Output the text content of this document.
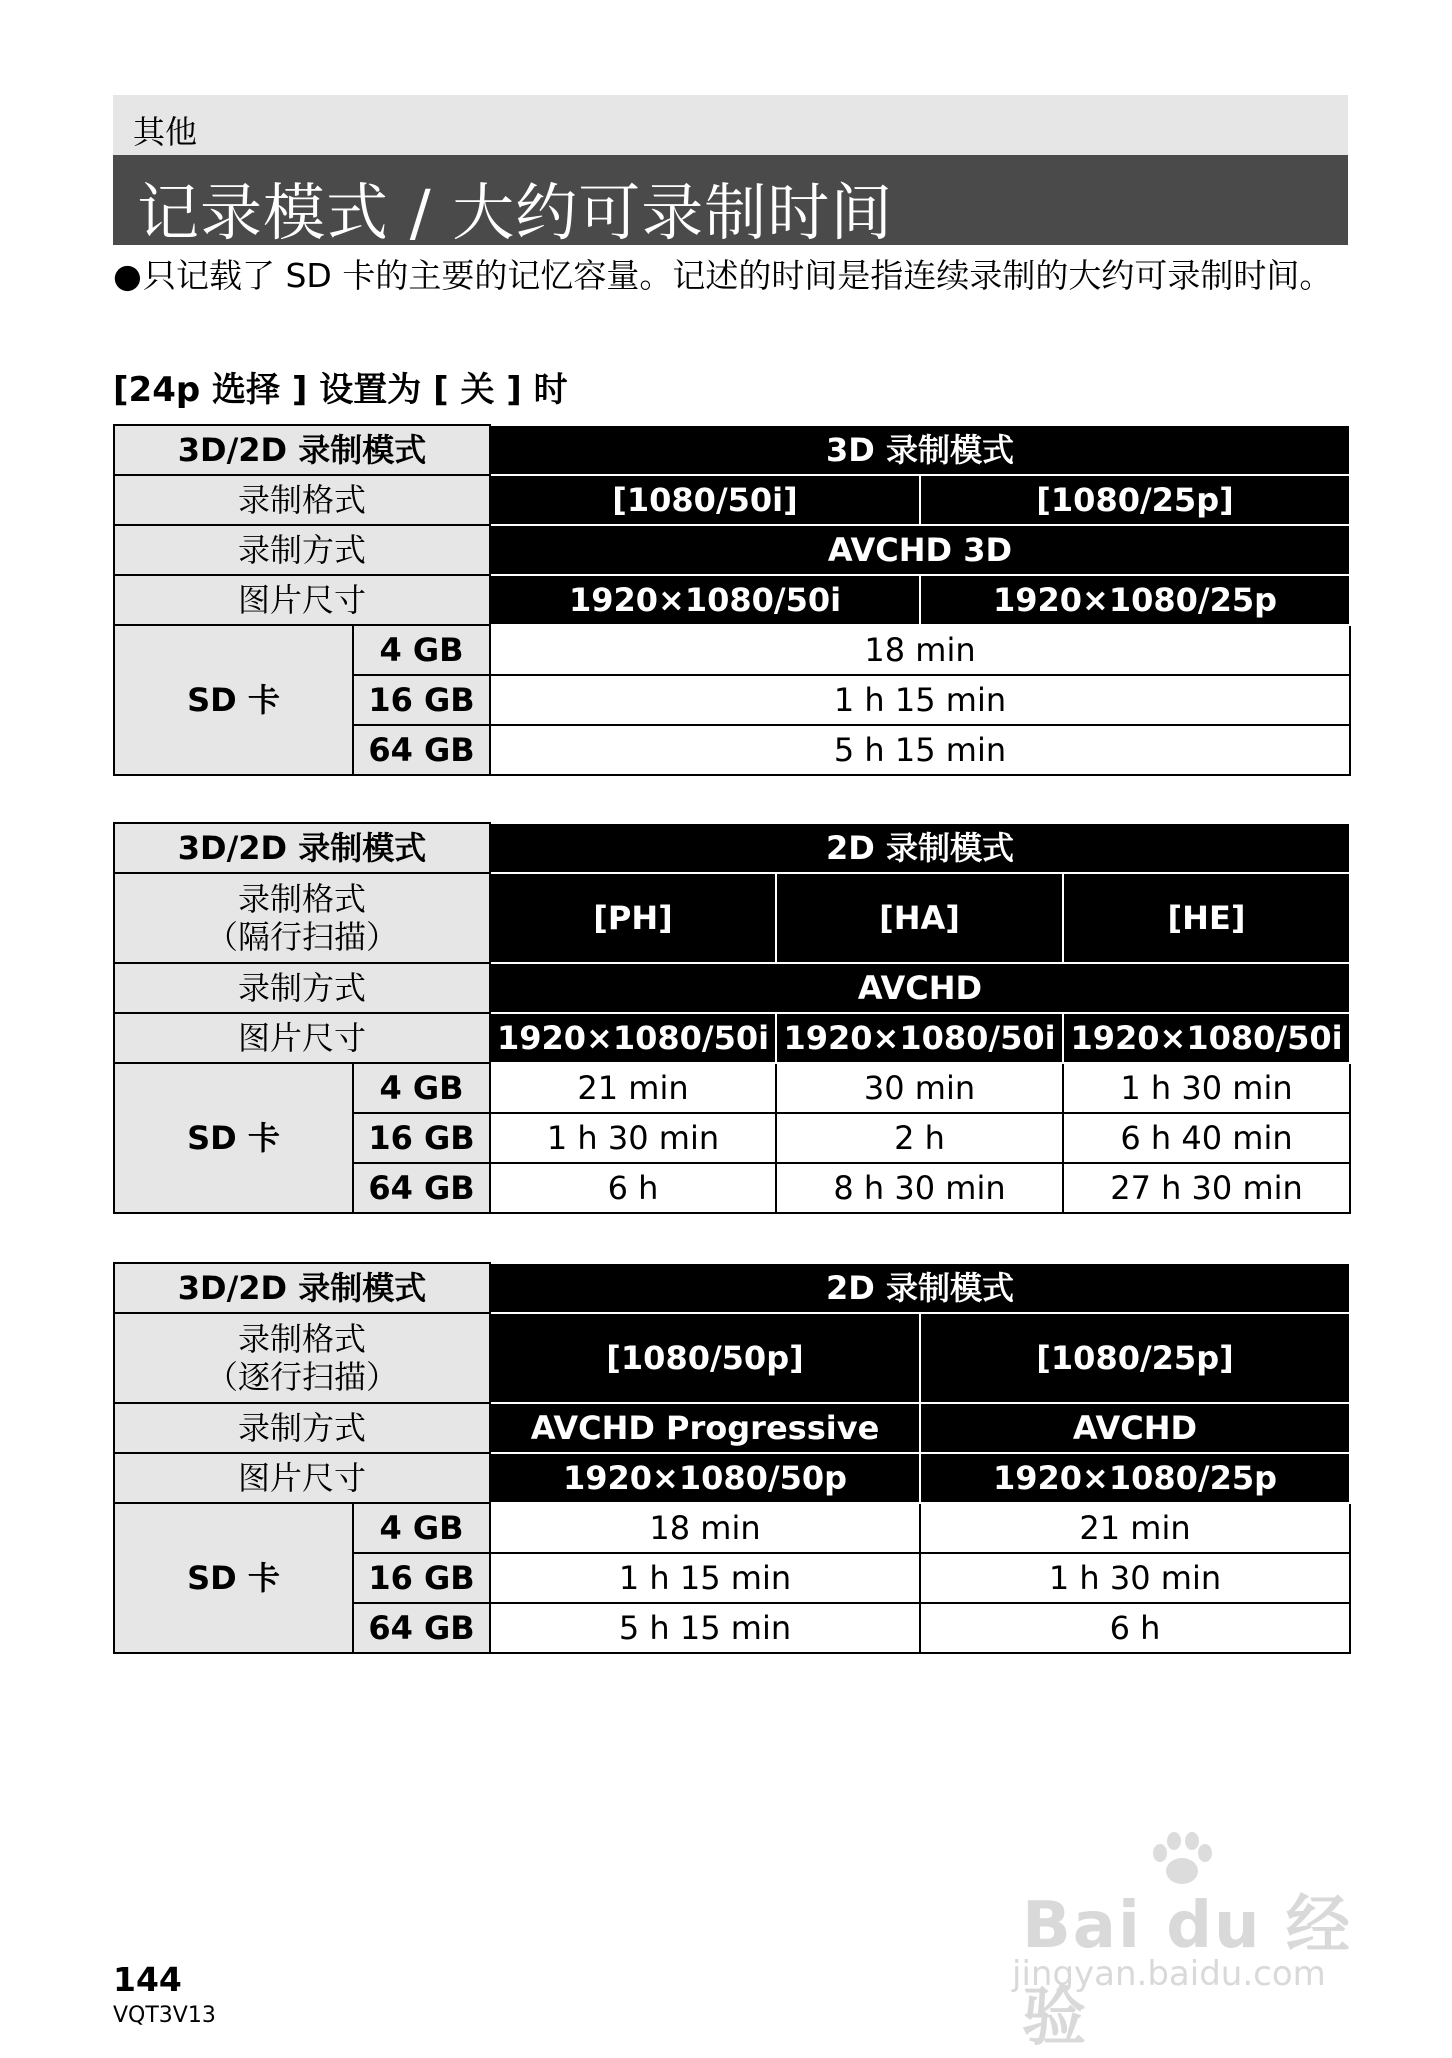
其他
记录模式 / 大约可录制时间
● 只记载了 SD 卡的主要的记忆容量。记述的时间是指连续录制的大约可录制时间。
[24p 选择 ] 设置为 [ 关 ] 时
3D/2D 录制模式		3D 录制模式	
录制格式		[1080/50i]	[1080/25p]
录制方式		AVCHD 3D	
图片尺寸		1920×1080/50i	1920×1080/25p
SD 卡	4 GB	18 min	
	16 GB	1 h 15 min	
	64 GB	5 h 15 min	
3D/2D 录制模式		2D 录制模式		

录制格式
（隔行扫描）		[PH]	[HA]	[HE]
录制方式		AVCHD		
图片尺寸		1920×1080/50i	1920×1080/50i	1920×1080/50i
SD 卡	4 GB	21 min	30 min	1 h 30 min
	16 GB	1 h 30 min	2 h	6 h 40 min
	64 GB	6 h	8 h 30 min	27 h 30 min
3D/2D 录制模式		2D 录制模式	

录制格式
（逐行扫描）		[1080/50p]	[1080/25p]
录制方式		AVCHD Progressive	AVCHD
图片尺寸		1920×1080/50p	1920×1080/25p
SD 卡	4 GB	18 min	21 min
	16 GB	1 h 15 min	1 h 30 min
	64 GB	5 h 15 min	6 h
144
VQT3V13
Bai du 经验
jingyan.baidu.com
